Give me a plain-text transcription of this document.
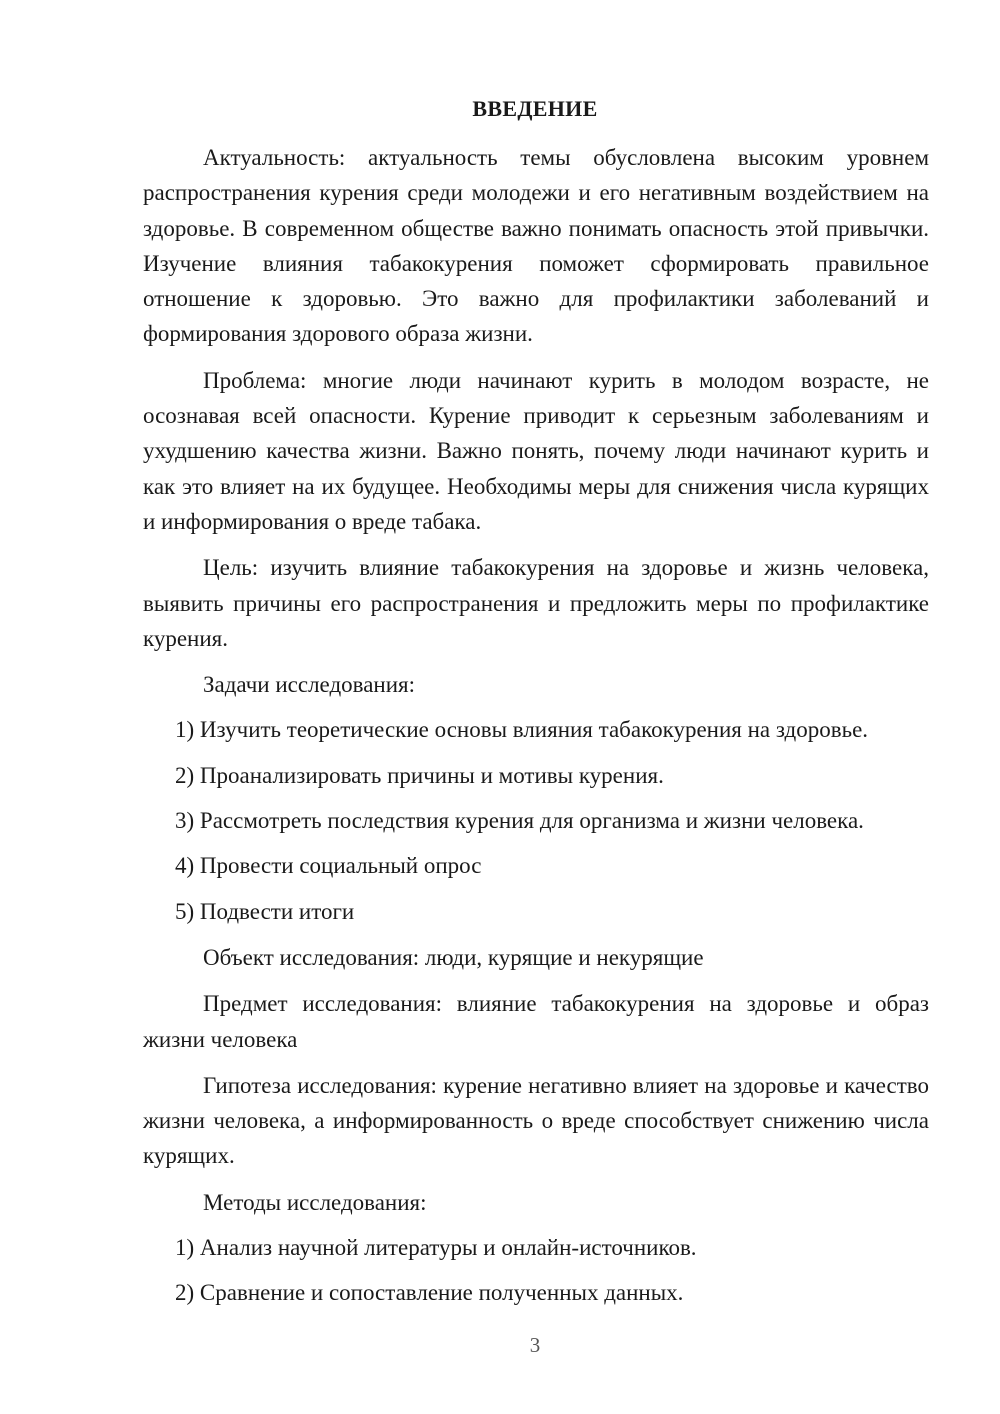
ВВЕДЕНИЕ

Актуальность: актуальность темы обусловлена высоким уровнем распространения курения среди молодежи и его негативным воздействием на здоровье. В современном обществе важно понимать опасность этой привычки. Изучение влияния табакокурения поможет сформировать правильное отношение к здоровью. Это важно для профилактики заболеваний и формирования здорового образа жизни.

Проблема: многие люди начинают курить в молодом возрасте, не осознавая всей опасности. Курение приводит к серьезным заболеваниям и ухудшению качества жизни. Важно понять, почему люди начинают курить и как это влияет на их будущее. Необходимы меры для снижения числа курящих и информирования о вреде табака.

Цель: изучить влияние табакокурения на здоровье и жизнь человека, выявить причины его распространения и предложить меры по профилактике курения.

Задачи исследования:

1) Изучить теоретические основы влияния табакокурения на здоровье.

2) Проанализировать причины и мотивы курения.

3) Рассмотреть последствия курения для организма и жизни человека.

4) Провести социальный опрос

5) Подвести итоги

Объект исследования: люди, курящие и некурящие

Предмет исследования: влияние табакокурения на здоровье и образ жизни человека

Гипотеза исследования: курение негативно влияет на здоровье и качество жизни человека, а информированность о вреде способствует снижению числа курящих.

Методы исследования:

1) Анализ научной литературы и онлайн-источников.

2) Сравнение и сопоставление полученных данных.

3
